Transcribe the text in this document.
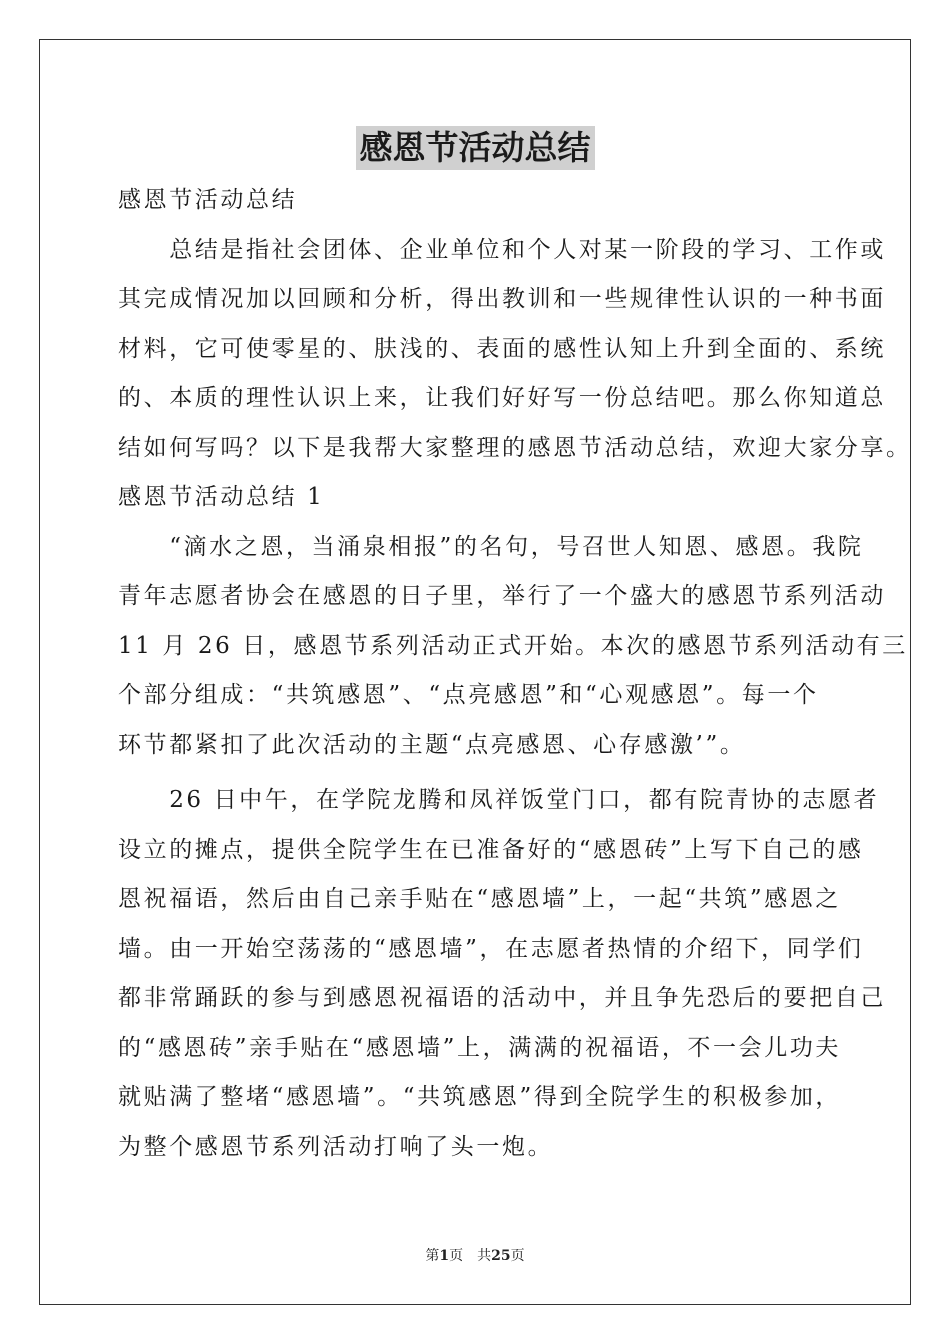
感恩节活动总结
感恩节活动总结
　　总结是指社会团体、企业单位和个人对某一阶段的学习、工作或
其完成情况加以回顾和分析，得出教训和一些规律性认识的一种书面
材料，它可使零星的、肤浅的、表面的感性认知上升到全面的、系统
的、本质的理性认识上来，让我们好好写一份总结吧。那么你知道总
结如何写吗？以下是我帮大家整理的感恩节活动总结，欢迎大家分享。
感恩节活动总结 1
　　“滴水之恩，当涌泉相报”的名句，号召世人知恩、感恩。我院
青年志愿者协会在感恩的日子里，举行了一个盛大的感恩节系列活动
11 月 26 日，感恩节系列活动正式开始。本次的感恩节系列活动有三
个部分组成：“共筑感恩”、“点亮感恩”和“心观感恩”。每一个
环节都紧扣了此次活动的主题“点亮感恩、心存感激’”。
　　26 日中午，在学院龙腾和凤祥饭堂门口，都有院青协的志愿者
设立的摊点，提供全院学生在已准备好的“感恩砖”上写下自己的感
恩祝福语，然后由自己亲手贴在“感恩墙”上，一起“共筑”感恩之
墙。由一开始空荡荡的“感恩墙”，在志愿者热情的介绍下，同学们
都非常踊跃的参与到感恩祝福语的活动中，并且争先恐后的要把自己
的“感恩砖”亲手贴在“感恩墙”上，满满的祝福语，不一会儿功夫
就贴满了整堵“感恩墙”。“共筑感恩”得到全院学生的积极参加，
为整个感恩节系列活动打响了头一炮。
第1页　共25页
